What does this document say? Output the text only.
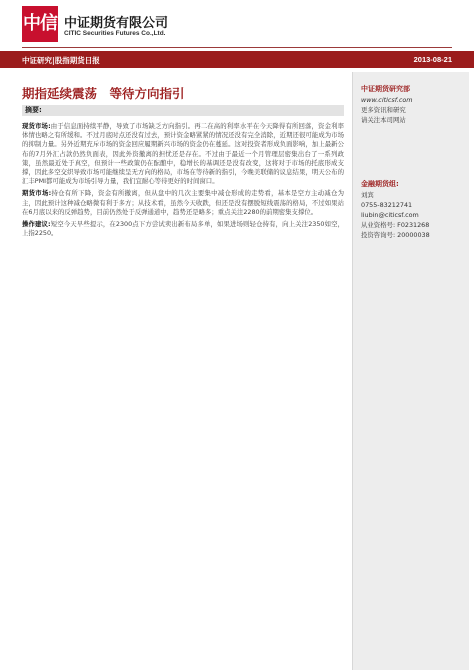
中信 中证期货有限公司
CITIC Securities Futures Co.,Ltd.
中证研究|股指期货日报	2013-08-21
期指延续震荡　等待方向指引
摘要:

现货市场:由于信息面持续平静，导致了市场缺乏方向指引。再二在高的利率水平在今天降得有所回落，资金利率体情也略之有所缓和。不过月底时点还没有过去，预计资金略紧紧的情况还没有完全消除，近期还很可能成为市场的抑制力量。另外近期充斥市场的资金回应履期新兴市场的资金仍在蔓延。这对投资者形成负面影响，加上最新公布的7月外汇占款仍然负面表，因此外资撤离的担忧还是存在。不过由于最近一个月管理层密集出台了一系列政策，虽然最近处于真空，但预计一些政策仍在酝酿中，稳增长的基调还是没有改变，这将对于市场的托底形成支撑，因此多空交织导致市场可能继续呈无方向的格局，市场在等待新的指引，今晚美联储的议息结果，明天公布的汇丰PMI都可能成为市场引导力量，我们宜耐心等待更好的时间窗口。

期货市场:持仓有所下降，资金有所撤离，但从盘中的几次主要集中减仓形成的走势看，基本是空方主动减仓为主，因此预计这种减仓略微有利于多方；从技术看，虽然今天收跌，但还是没有摆脱短线震荡的格局，不过如果站在6月底以来的反弹趋势，目前仍然处于反弹通道中，趋势还是略多；重点关注2280的前期密集支撑位。

操作建议:短空今天早些提示，在2300点下方尝试卖出新布局多单，如果进场则轻仓持有，向上关注2350如空，上指2250。

中证期货研究部
www.citicsf.com
更多资讯和研究
请关注本司网站
金融期货组:
刘宾
0755-83212741
liubin@citicsf.com
从业资格号: F0231268
投资咨询号: 20000038
